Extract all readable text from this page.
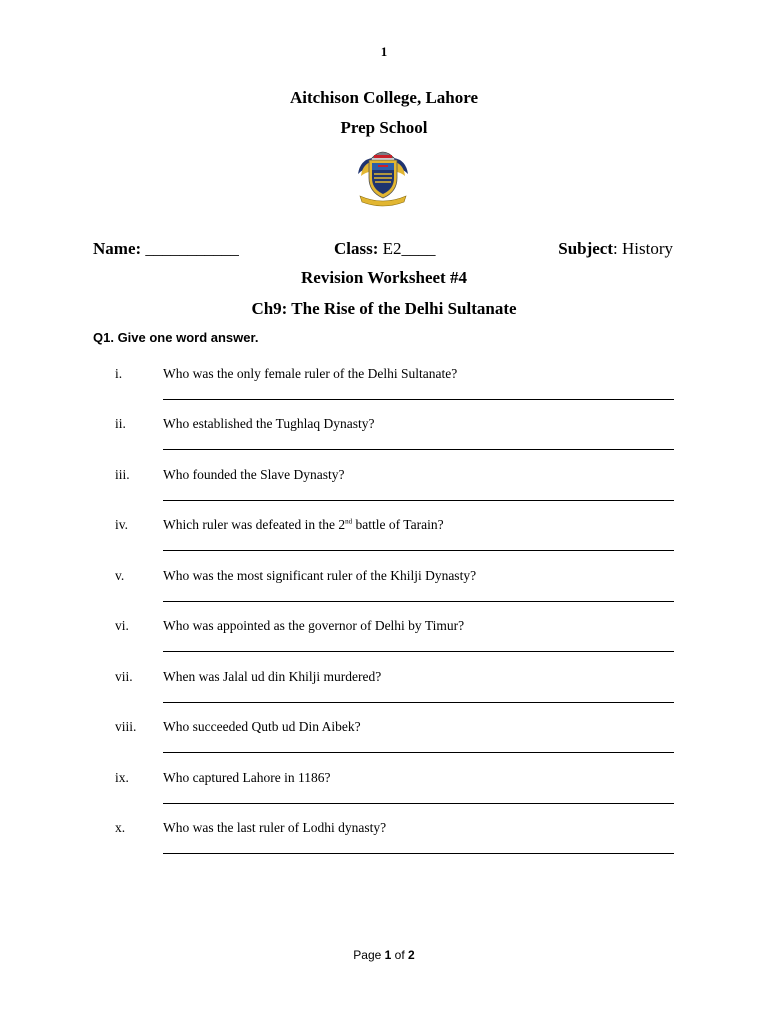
1
Aitchison College, Lahore
Prep School
Name: ___________	Class: E2____	Subject: History
Revision Worksheet #4
Ch9: The Rise of the Delhi Sultanate
Q1. Give one word answer.
i.	Who was the only female ruler of the Delhi Sultanate?
ii.	Who established the Tughlaq Dynasty?
iii. Who founded the Slave Dynasty?
iv.	Which ruler was defeated in the 2nd battle of Tarain?
v.	Who was the most significant ruler of the Khilji Dynasty?
vi.	Who was appointed as the governor of Delhi by Timur?
vii. When was Jalal ud din Khilji murdered?
viii. Who succeeded Qutb ud Din Aibek?
ix.	Who captured Lahore in 1186?
x.	Who was the last ruler of Lodhi dynasty?
Page 1 of 2
